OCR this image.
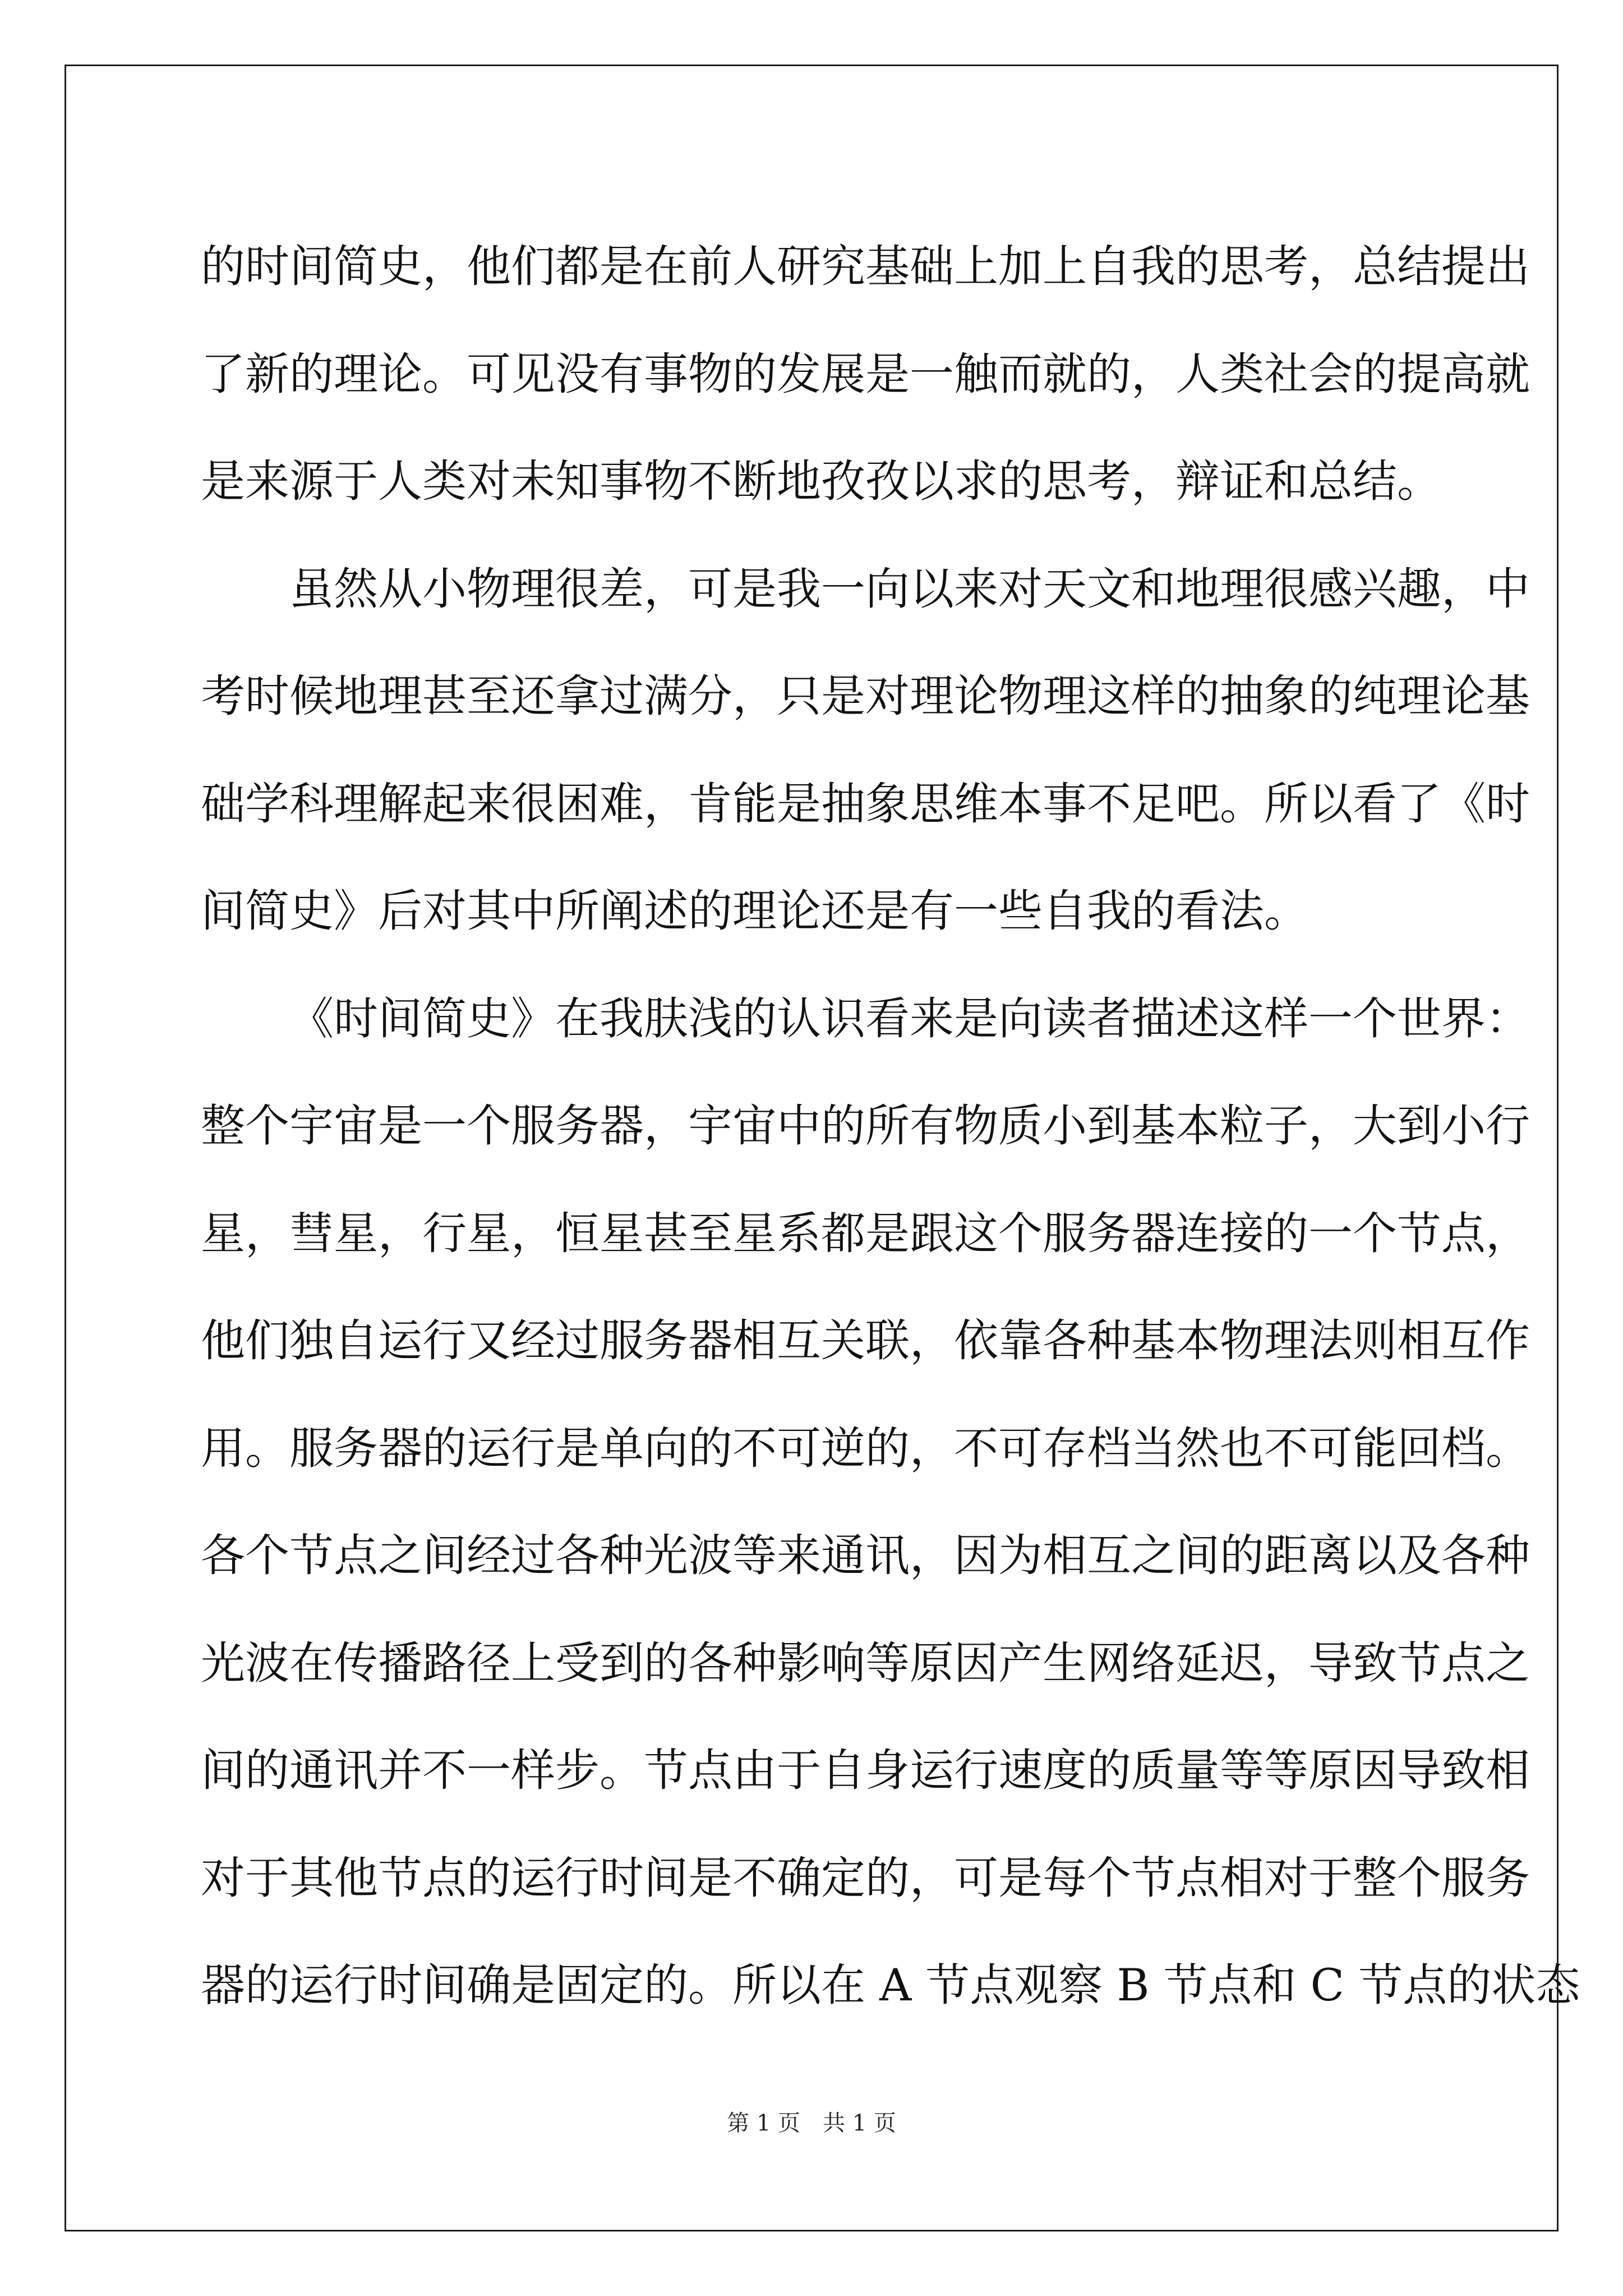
的时间简史，他们都是在前人研究基础上加上自我的思考，总结提出
了新的理论。可见没有事物的发展是一触而就的，人类社会的提高就
是来源于人类对未知事物不断地孜孜以求的思考，辩证和总结。
虽然从小物理很差，可是我一向以来对天文和地理很感兴趣，中
考时候地理甚至还拿过满分，只是对理论物理这样的抽象的纯理论基
础学科理解起来很困难，肯能是抽象思维本事不足吧。所以看了《时
间简史》后对其中所阐述的理论还是有一些自我的看法。
《时间简史》在我肤浅的认识看来是向读者描述这样一个世界：
整个宇宙是一个服务器，宇宙中的所有物质小到基本粒子，大到小行
星，彗星，行星，恒星甚至星系都是跟这个服务器连接的一个节点，
他们独自运行又经过服务器相互关联，依靠各种基本物理法则相互作
用。服务器的运行是单向的不可逆的，不可存档当然也不可能回档。
各个节点之间经过各种光波等来通讯，因为相互之间的距离以及各种
光波在传播路径上受到的各种影响等原因产生网络延迟，导致节点之
间的通讯并不一样步。节点由于自身运行速度的质量等等原因导致相
对于其他节点的运行时间是不确定的，可是每个节点相对于整个服务
器的运行时间确是固定的。所以在 A 节点观察 B 节点和 C 节点的状态
第 1 页　共 1 页
